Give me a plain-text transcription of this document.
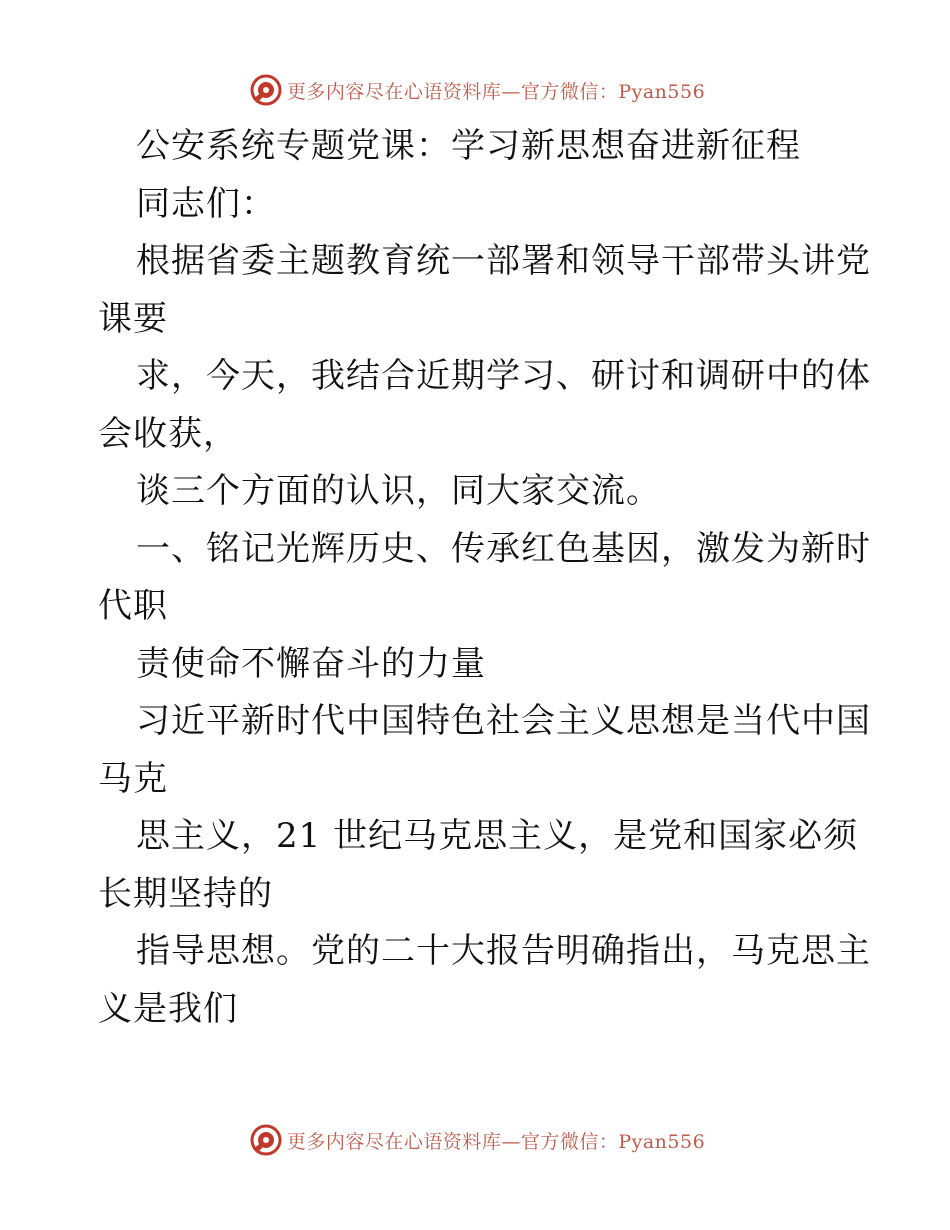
更多内容尽在心语资料库—官方微信：Pyan556
公安系统专题党课：学习新思想奋进新征程
同志们：
根据省委主题教育统一部署和领导干部带头讲党
课要
求，今天，我结合近期学习、研讨和调研中的体
会收获，
谈三个方面的认识，同大家交流。
一、铭记光辉历史、传承红色基因，激发为新时
代职
责使命不懈奋斗的力量
习近平新时代中国特色社会主义思想是当代中国
马克
思主义，21 世纪马克思主义，是党和国家必须
长期坚持的
指导思想。党的二十大报告明确指出，马克思主
义是我们
更多内容尽在心语资料库—官方微信：Pyan556
